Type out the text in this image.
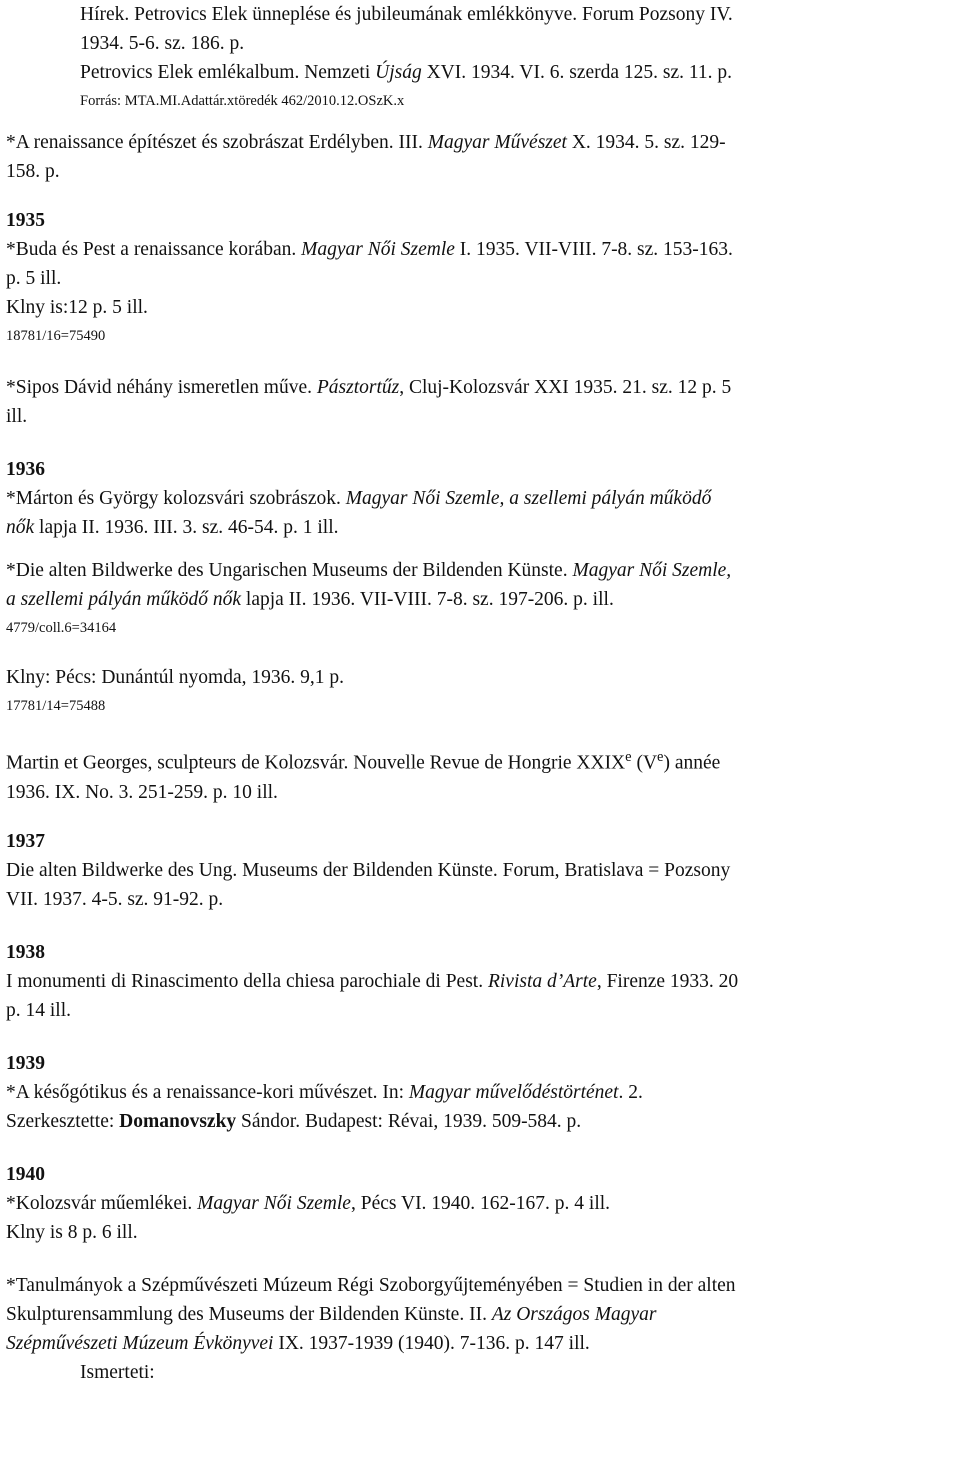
Hírek. Petrovics Elek ünneplése és jubileumának emlékkönyve. Forum Pozsony IV.
1934. 5-6. sz. 186. p.
Petrovics Elek emlékalbum. Nemzeti Újság XVI. 1934. VI. 6. szerda 125. sz. 11. p.
Forrás: MTA.MI.Adattár.xtöredék 462/2010.12.OSzK.x
*A renaissance építészet és szobrászat Erdélyben. III. Magyar Művészet X. 1934. 5. sz. 129-
158. p.
1935
*Buda és Pest a renaissance korában. Magyar Női Szemle I. 1935. VII-VIII. 7-8. sz. 153-163.
p. 5 ill.
Klny is:12 p. 5 ill.
18781/16=75490
*Sipos Dávid néhány ismeretlen műve. Pásztortűz, Cluj-Kolozsvár XXI 1935. 21. sz. 12 p. 5
ill.
1936
*Márton és György kolozsvári szobrászok. Magyar Női Szemle, a szellemi pályán működő
nők lapja II. 1936. III. 3. sz. 46-54. p. 1 ill.
*Die alten Bildwerke des Ungarischen Museums der Bildenden Künste. Magyar Női Szemle,
a szellemi pályán működő nők lapja II. 1936. VII-VIII. 7-8. sz. 197-206. p. ill.
4779/coll.6=34164
Klny: Pécs: Dunántúl nyomda, 1936. 9,1 p.
17781/14=75488
Martin et Georges, sculpteurs de Kolozsvár. Nouvelle Revue de Hongrie XXIXe (Ve) année
1936. IX. No. 3. 251-259. p. 10 ill.
1937
Die alten Bildwerke des Ung. Museums der Bildenden Künste. Forum, Bratislava = Pozsony
VII. 1937. 4-5. sz. 91-92. p.
1938
I monumenti di Rinascimento della chiesa parochiale di Pest. Rivista d’Arte, Firenze 1933. 20
p. 14 ill.
1939
*A későgótikus és a renaissance-kori művészet. In: Magyar művelődéstörténet. 2.
Szerkesztette: Domanovszky Sándor. Budapest: Révai, 1939. 509-584. p.
1940
*Kolozsvár műemlékei. Magyar Női Szemle, Pécs VI. 1940. 162-167. p. 4 ill.
Klny is 8 p. 6 ill.
*Tanulmányok a Szépművészeti Múzeum Régi Szoborgyűjteményében = Studien in der alten
Skulpturensammlung des Museums der Bildenden Künste. II. Az Országos Magyar
Szépművészeti Múzeum Évkönyvei IX. 1937-1939 (1940). 7-136. p. 147 ill.
Ismerteti:
